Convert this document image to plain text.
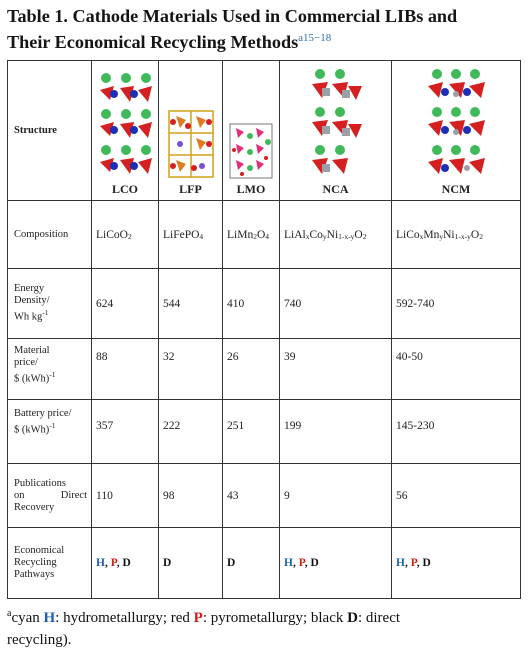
Table 1. Cathode Materials Used in Commercial LIBs and
Their Economical Recycling Methods$^{a15-18}$
Structure	LCO	LFP	LMO	NCA	NCM

Composition	LiCoO$_2$	LiFePO$_4$	$LiMn_2O_4$	$LiAl_xCo_yNi_{1-x-y}O_2$	$LiCo_xMn_yNi_{1-x-y}O_2$
Energy
Density/
Wh $kg^{-1}$	624	544	410	740	592-740
Material
price/
$ (kWh)$^{-1}$	88	32	26	39	40-50
Battery price/
$ (kWh)$^{-1}$	357	222	251	199	145-230
Publications

on Direct
Recovery	110	98	43	9	56
Economical
Recycling
Pathways	H, P, D	D	D	H, P, D	H, P, D
$^a$cyan H: hydrometallurgy; red P: pyrometallurgy; black D: direct
recycling).
